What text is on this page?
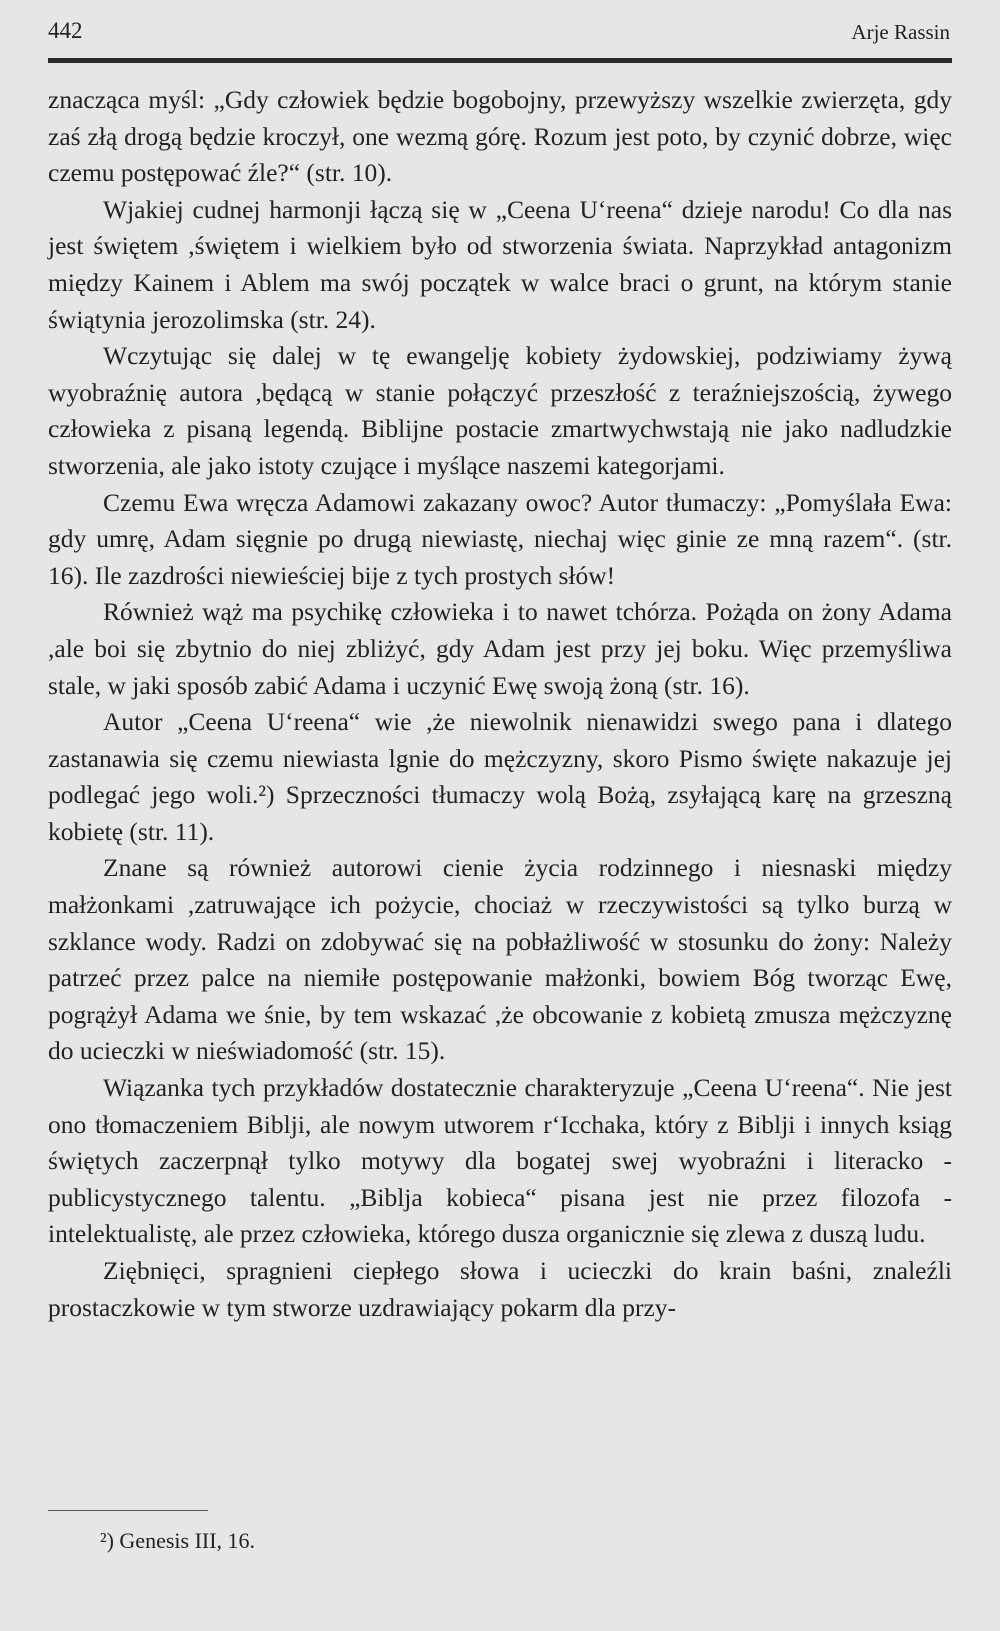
442	Arje Rassin

znacząca myśl: „Gdy człowiek będzie bogobojny, przewyższy wszelkie zwierzęta, gdy zaś złą drogą będzie kroczył, one wezmą górę. Rozum jest poto, by czynić dobrze, więc czemu postępować źle?“ (str. 10).

Wjakiej cudnej harmonji łączą się w „Ceena U‘reena“ dzieje narodu! Co dla nas jest świętem ,świętem i wielkiem było od stworzenia świata. Naprzykład antagonizm między Kainem i Ablem ma swój początek w walce braci o grunt, na którym stanie świątynia jerozolimska (str. 24).

Wczytując się dalej w tę ewangelję kobiety żydowskiej, podziwiamy żywą wyobraźnię autora ,będącą w stanie połączyć przeszłość z teraźniejszością, żywego człowieka z pisaną legendą. Biblijne postacie zmartwychwstają nie jako nadludzkie stworzenia, ale jako istoty czujące i myślące naszemi kategorjami.

Czemu Ewa wręcza Adamowi zakazany owoc? Autor tłumaczy: „Pomyślała Ewa: gdy umrę, Adam sięgnie po drugą niewiastę, niechaj więc ginie ze mną razem“. (str. 16). Ile zazdrości niewieściej bije z tych prostych słów!

Również wąż ma psychikę człowieka i to nawet tchórza. Pożąda on żony Adama ,ale boi się zbytnio do niej zbliżyć, gdy Adam jest przy jej boku. Więc przemyśliwa stale, w jaki sposób zabić Adama i uczynić Ewę swoją żoną (str. 16).

Autor „Ceena U‘reena“ wie ,że niewolnik nienawidzi swego pana i dlatego zastanawia się czemu niewiasta lgnie do mężczyzny, skoro Pismo święte nakazuje jej podlegać jego woli.²) Sprzeczności tłumaczy wolą Bożą, zsyłającą karę na grzeszną kobietę (str. 11).

Znane są również autorowi cienie życia rodzinnego i niesnaski między małżonkami ,zatruwające ich pożycie, chociaż w rzeczywistości są tylko burzą w szklance wody. Radzi on zdobywać się na pobłażliwość w stosunku do żony: Należy patrzeć przez palce na niemiłe postępowanie małżonki, bowiem Bóg tworząc Ewę, pogrążył Adama we śnie, by tem wskazać ,że obcowanie z kobietą zmusza mężczyznę do ucieczki w nieświadomość (str. 15).

Wiązanka tych przykładów dostatecznie charakteryzuje „Ceena U‘reena“. Nie jest ono tłomaczeniem Biblji, ale nowym utworem r‘Icchaka, który z Biblji i innych ksiąg świętych zaczerpnął tylko motywy dla bogatej swej wyobraźni i literacko - publicystycznego talentu. „Biblja kobieca“ pisana jest nie przez filozofa - intelektualistę, ale przez człowieka, którego dusza organicznie się zlewa z duszą ludu.

Ziębnięci, spragnieni ciepłego słowa i ucieczki do krain baśni, znaleźli prostaczkowie w tym stworze uzdrawiający pokarm dla przy-

²) Genesis III, 16.
